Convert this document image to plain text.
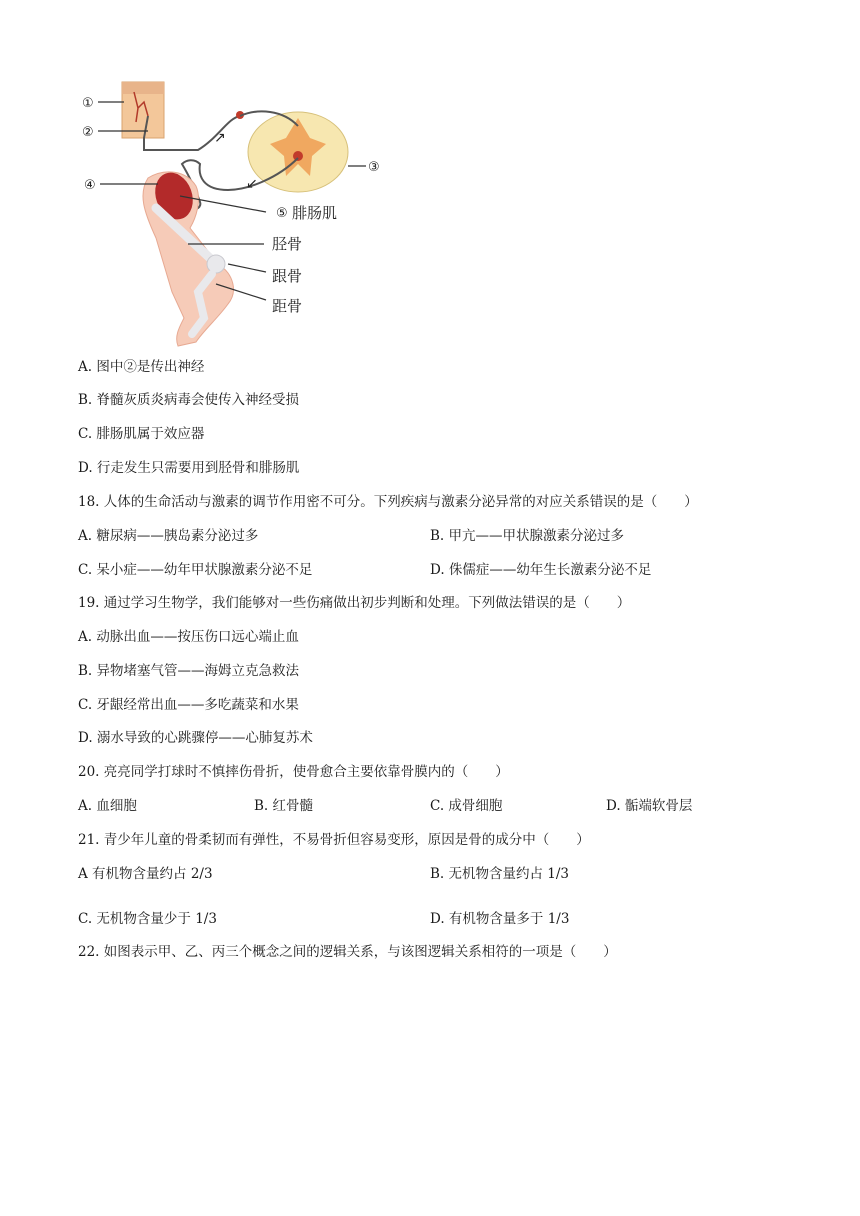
↗
↙
①
②
③
④
⑤ 腓肠肌
胫骨
跟骨
距骨
A. 图中②是传出神经
B. 脊髓灰质炎病毒会使传入神经受损
C. 腓肠肌属于效应器
D. 行走发生只需要用到胫骨和腓肠肌
18. 人体的生命活动与激素的调节作用密不可分。下列疾病与激素分泌异常的对应关系错误的是（　　）
A. 糖尿病——胰岛素分泌过多	B. 甲亢——甲状腺激素分泌过多
C. 呆小症——幼年甲状腺激素分泌不足	D. 侏儒症——幼年生长激素分泌不足
19. 通过学习生物学，我们能够对一些伤痛做出初步判断和处理。下列做法错误的是（　　）
A. 动脉出血——按压伤口远心端止血
B. 异物堵塞气管——海姆立克急救法
C. 牙龈经常出血——多吃蔬菜和水果
D. 溺水导致的心跳骤停——心肺复苏术
20. 亮亮同学打球时不慎摔伤骨折，使骨愈合主要依靠骨膜内的（　　）
A. 血细胞	B. 红骨髓	C. 成骨细胞	D. 骺端软骨层
21. 青少年儿童的骨柔韧而有弹性，不易骨折但容易变形，原因是骨的成分中（　　）
A 有机物含量约占 2/3	B. 无机物含量约占 1/3
C. 无机物含量少于 1/3	D. 有机物含量多于 1/3
22. 如图表示甲、乙、丙三个概念之间的逻辑关系，与该图逻辑关系相符的一项是（　　）
